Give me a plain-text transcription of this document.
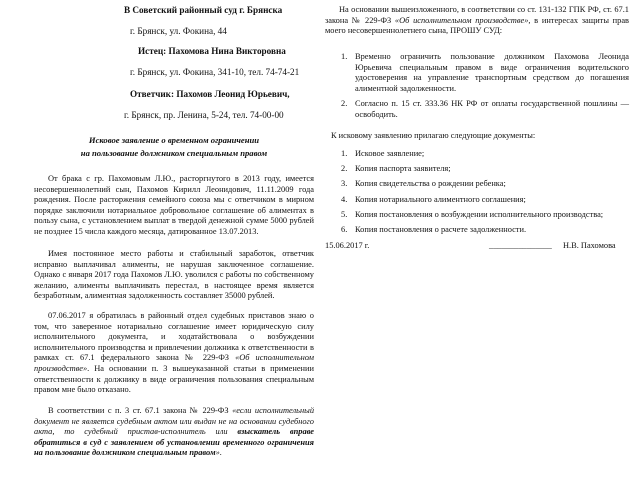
В Советский районный суд г. Брянска

г. Брянск, ул. Фокина, 44

Истец: Пахомова Нина Викторовна

г. Брянск, ул. Фокина, 341-10, тел. 74-74-21

Ответчик: Пахомов Леонид Юрьевич,

г. Брянск, пр. Ленина, 5-24, тел. 74-00-00

Исковое заявление о временном ограничении

на пользование должником специальным правом

От брака с гр. Пахомовым Л.Ю., расторгнутого в 2013 году, имеется несовершеннолетний сын, Пахомов Кирилл Леонидович, 11.11.2009 года рождения. После расторжения семейного союза мы с ответчиком в мирном порядке заключили нотариальное добровольное соглашение об алиментах в пользу сына, с установлением выплат в твердой денежной сумме 5000 рублей не позднее 15 числа каждого месяца, датированное 13.07.2013.

Имея постоянное место работы и стабильный заработок, ответчик исправно выплачивал алименты, не нарушая заключенное соглашение. Однако с января 2017 года Пахомов Л.Ю. уволился с работы по собственному желанию, алименты выплачивать перестал, в настоящее время является безработным, алиментная задолженность составляет 35000 рублей.

07.06.2017 я обратилась в районный отдел судебных приставов знаю о том, что заверенное нотариально соглашение имеет юридическую силу исполнительного документа, и ходатайствовала о возбуждении исполнительного производства и привлечении должника к ответственности в рамках ст. 67.1 федерального закона № 229-ФЗ «Об исполнительном производстве». На основании п. 3 вышеуказанной статьи в применении ответственности к должнику в виде ограничения пользования специальным правом мне было отказано.

В соответствии с п. 3 ст. 67.1 закона № 229-ФЗ «если исполнительный документ не является судебным актом или выдан не на основании судебного акта, то судебный пристав-исполнитель или взыскатель вправе обратиться в суд с заявлением об установлении временного ограничения на пользование должником специальным правом».

На основании вышеизложенного, в соответствии со ст. 131-132 ГПК РФ, ст. 67.1 закона № 229-ФЗ «Об исполнительном производстве», в интересах защиты прав моего несовершеннолетнего сына, ПРОШУ СУД:

1. Временно ограничить пользование должником Пахомова Леонида Юрьевича специальным правом в виде ограничения водительского удостоверения на управление транспортным средством до погашения алиментной задолженности.
2. Согласно п. 15 ст. 333.36 НК РФ от оплаты государственной пошлины — освободить.

К исковому заявлению прилагаю следующие документы:

1. Исковое заявление;
2. Копия паспорта заявителя;
3. Копия свидетельства о рождении ребенка;
4. Копия нотариального алиментного соглашения;
5. Копия постановления о возбуждении исполнительного производства;
6. Копия постановления о расчете задолженности.
15.06.2017 г.	_______________ Н.В. Пахомова
